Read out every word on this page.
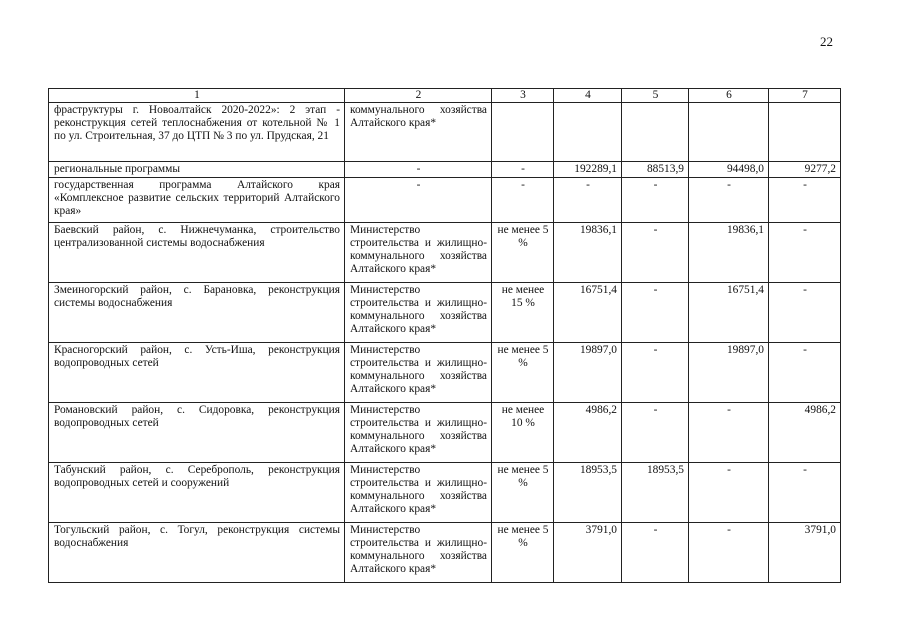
22
1	2	3	4	5	6	7
фраструктуры г. Новоалтайск 2020-2022»: 2 этап - реконструкция сетей теплоснабжения от котельной № 1 по ул. Строительная, 37 до ЦТП № 3 по ул. Прудская, 21	коммунального хозяйства Алтайского края*					
региональные программы	-	-	192289,1	88513,9	94498,0	9277,2
государственная программа Алтайского края «Комплексное развитие сельских территорий Алтайского края»	-	-	-	-	-	-
Баевский район, с. Нижнечуманка, строительство централизованной системы водоснабжения	Министерство строительства и жилищно-коммунального хозяйства Алтайского края*	не менее 5 %	19836,1	-	19836,1	-
Змеиногорский район, с. Барановка, реконструкция системы водоснабжения	Министерство строительства и жилищно-коммунального хозяйства Алтайского края*	не менее 15 %	16751,4	-	16751,4	-
Красногорский район, с. Усть-Иша, реконструкция водопроводных сетей	Министерство строительства и жилищно-коммунального хозяйства Алтайского края*	не менее 5 %	19897,0	-	19897,0	-
Романовский район, с. Сидоровка, реконструкция водопроводных сетей	Министерство строительства и жилищно-коммунального хозяйства Алтайского края*	не менее 10 %	4986,2	-	-	4986,2
Табунский район, с. Сереброполь, реконструкция водопроводных сетей и сооружений	Министерство строительства и жилищно-коммунального хозяйства Алтайского края*	не менее 5 %	18953,5	18953,5	-	-
Тогульский район, с. Тогул, реконструкция системы водоснабжения	Министерство строительства и жилищно-коммунального хозяйства Алтайского края*	не менее 5 %	3791,0	-	-	3791,0
